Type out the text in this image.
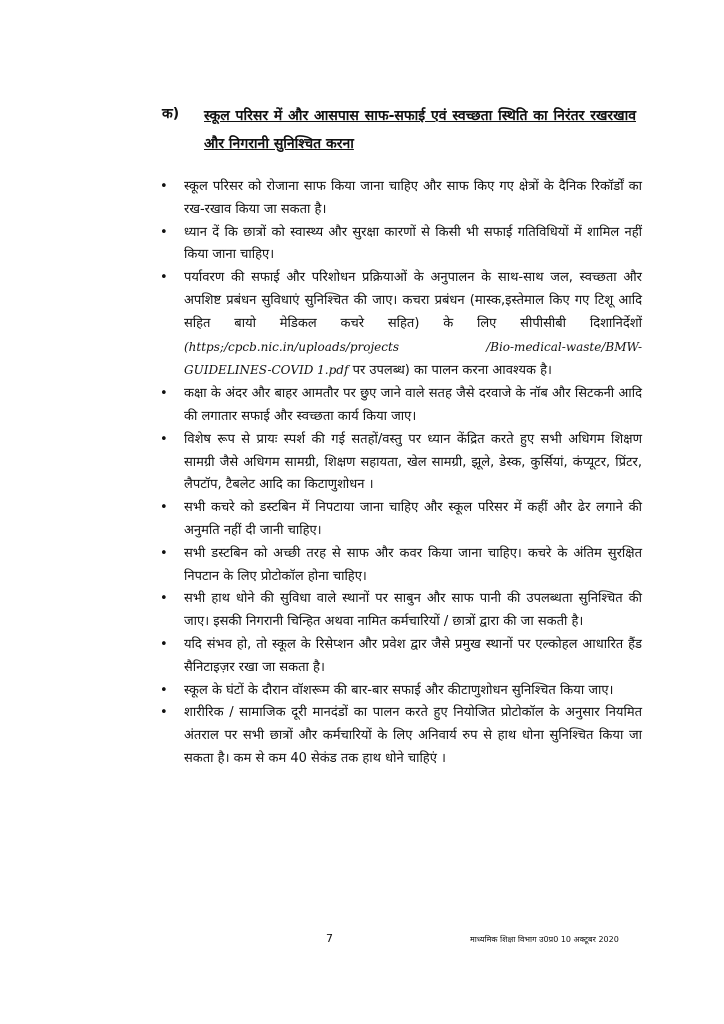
क) स्कूल परिसर में और आसपास साफ-सफाई एवं स्वच्छता स्थिति का निरंतर रखरखाव और निगरानी सुनिश्चित करना
• स्कूल परिसर को रोजाना साफ किया जाना चाहिए और साफ किए गए क्षेत्रों के दैनिक रिकॉर्डों का रख-रखाव किया जा सकता है।
• ध्यान दें कि छात्रों को स्वास्थ्य और सुरक्षा कारणों से किसी भी सफाई गतिविधियों में शामिल नहीं किया जाना चाहिए।
• पर्यावरण की सफाई और परिशोधन प्रक्रियाओं के अनुपालन के साथ-साथ जल, स्वच्छता और अपशिष्ट प्रबंधन सुविधाएं सुनिश्चित की जाए। कचरा प्रबंधन (मास्क,इस्तेमाल किए गए टिशू आदि सहित बायो मेडिकल कचरे सहित) के लिए सीपीसीबी दिशानिर्देशों (https;/cpcb.nic.in/uploads/projects /Bio-medical-waste/BMW-GUIDELINES-COVID 1.pdf पर उपलब्ध) का पालन करना आवश्यक है।
• कक्षा के अंदर और बाहर आमतौर पर छुए जाने वाले सतह जैसे दरवाजे के नॉब और सिटकनी आदि की लगातार सफाई और स्वच्छता कार्य किया जाए।
• विशेष रूप से प्रायः स्पर्श की गई सतहों/वस्तु पर ध्यान केंद्रित करते हुए सभी अधिगम शिक्षण सामग्री जैसे अधिगम सामग्री, शिक्षण सहायता, खेल सामग्री, झूले, डेस्क, कुर्सियां, कंप्यूटर, प्रिंटर, लैपटॉप, टैबलेट आदि का किटाणुशोधन ।
• सभी कचरे को डस्टबिन में निपटाया जाना चाहिए और स्कूल परिसर में कहीं और ढेर लगाने की अनुमति नहीं दी जानी चाहिए।
• सभी डस्टबिन को अच्छी तरह से साफ और कवर किया जाना चाहिए। कचरे के अंतिम सुरक्षित निपटान के लिए प्रोटोकॉल होना चाहिए।
• सभी हाथ धोने की सुविधा वाले स्थानों पर साबुन और साफ पानी की उपलब्धता सुनिश्चित की जाए। इसकी निगरानी चिन्हित अथवा नामित कर्मचारियों / छात्रों द्वारा की जा सकती है।
• यदि संभव हो, तो स्कूल के रिसेप्शन और प्रवेश द्वार जैसे प्रमुख स्थानों पर एल्कोहल आधारित हैंड सैनिटाइज़र रखा जा सकता है।
• स्कूल के घंटों के दौरान वॉशरूम की बार-बार सफाई और कीटाणुशोधन सुनिश्चित किया जाए।
• शारीरिक / सामाजिक दूरी मानदंडों का पालन करते हुए नियोजित प्रोटोकॉल के अनुसार नियमित अंतराल पर सभी छात्रों और कर्मचारियों के लिए अनिवार्य रुप से हाथ धोना सुनिश्चित किया जा सकता है। कम से कम 40 सेकंड तक हाथ धोने चाहिएं ।
7	माध्यमिक शिक्षा विभाग उ0प्र0 10 अक्टूबर 2020
